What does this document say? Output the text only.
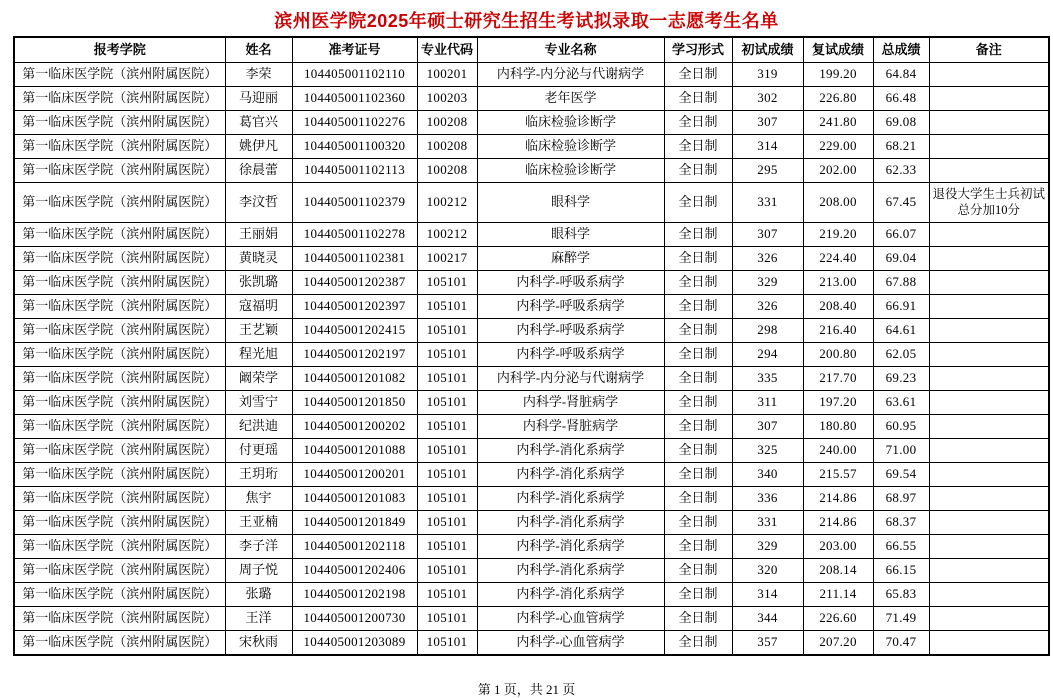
滨州医学院2025年硕士研究生招生考试拟录取一志愿考生名单
报考学院	姓名	准考证号	专业代码	专业名称	学习形式	初试成绩	复试成绩	总成绩	备注
第一临床医学院（滨州附属医院）	李荣	104405001102110	100201	内科学-内分泌与代谢病学	全日制	319	199.20	64.84	
第一临床医学院（滨州附属医院）	马迎丽	104405001102360	100203	老年医学	全日制	302	226.80	66.48	
第一临床医学院（滨州附属医院）	葛官兴	104405001102276	100208	临床检验诊断学	全日制	307	241.80	69.08	
第一临床医学院（滨州附属医院）	姚伊凡	104405001100320	100208	临床检验诊断学	全日制	314	229.00	68.21	
第一临床医学院（滨州附属医院）	徐晨蕾	104405001102113	100208	临床检验诊断学	全日制	295	202.00	62.33	
第一临床医学院（滨州附属医院）	李汶哲	104405001102379	100212	眼科学	全日制	331	208.00	67.45	退役大学生士兵初试总分加10分
第一临床医学院（滨州附属医院）	王丽娟	104405001102278	100212	眼科学	全日制	307	219.20	66.07	
第一临床医学院（滨州附属医院）	黄晓灵	104405001102381	100217	麻醉学	全日制	326	224.40	69.04	
第一临床医学院（滨州附属医院）	张凯璐	104405001202387	105101	内科学-呼吸系病学	全日制	329	213.00	67.88	
第一临床医学院（滨州附属医院）	寇福明	104405001202397	105101	内科学-呼吸系病学	全日制	326	208.40	66.91	
第一临床医学院（滨州附属医院）	王艺颖	104405001202415	105101	内科学-呼吸系病学	全日制	298	216.40	64.61	
第一临床医学院（滨州附属医院）	程光旭	104405001202197	105101	内科学-呼吸系病学	全日制	294	200.80	62.05	
第一临床医学院（滨州附属医院）	阚荣学	104405001201082	105101	内科学-内分泌与代谢病学	全日制	335	217.70	69.23	
第一临床医学院（滨州附属医院）	刘雪宁	104405001201850	105101	内科学-肾脏病学	全日制	311	197.20	63.61	
第一临床医学院（滨州附属医院）	纪洪迪	104405001200202	105101	内科学-肾脏病学	全日制	307	180.80	60.95	
第一临床医学院（滨州附属医院）	付更瑶	104405001201088	105101	内科学-消化系病学	全日制	325	240.00	71.00	
第一临床医学院（滨州附属医院）	王玥珩	104405001200201	105101	内科学-消化系病学	全日制	340	215.57	69.54	
第一临床医学院（滨州附属医院）	焦宇	104405001201083	105101	内科学-消化系病学	全日制	336	214.86	68.97	
第一临床医学院（滨州附属医院）	王亚楠	104405001201849	105101	内科学-消化系病学	全日制	331	214.86	68.37	
第一临床医学院（滨州附属医院）	李子洋	104405001202118	105101	内科学-消化系病学	全日制	329	203.00	66.55	
第一临床医学院（滨州附属医院）	周子悦	104405001202406	105101	内科学-消化系病学	全日制	320	208.14	66.15	
第一临床医学院（滨州附属医院）	张璐	104405001202198	105101	内科学-消化系病学	全日制	314	211.14	65.83	
第一临床医学院（滨州附属医院）	王洋	104405001200730	105101	内科学-心血管病学	全日制	344	226.60	71.49	
第一临床医学院（滨州附属医院）	宋秋雨	104405001203089	105101	内科学-心血管病学	全日制	357	207.20	70.47	
第 1 页，共 21 页
